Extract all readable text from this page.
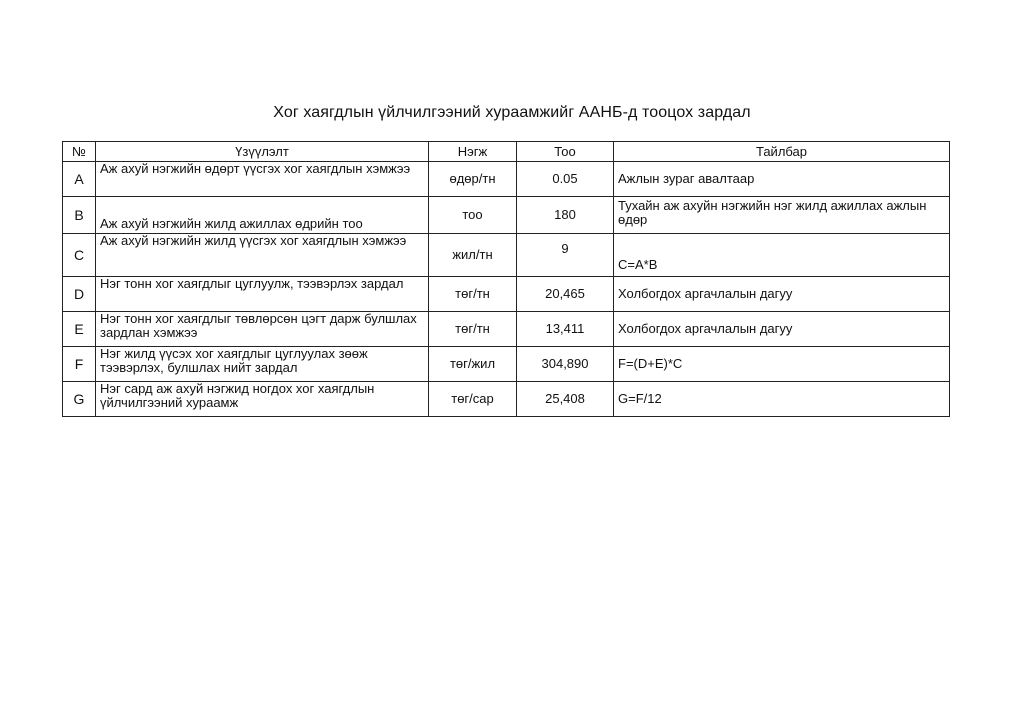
Хог хаягдлын үйлчилгээний хураамжийг ААНБ-д тооцох зардал
№	Үзүүлэлт	Нэгж	Тоо	Тайлбар
A	Аж ахуй нэгжийн өдөрт үүсгэх хог хаягдлын хэмжээ	өдөр/тн	0.05	Ажлын зураг авалтаар
B	Аж ахуй нэгжийн жилд ажиллах өдрийн тоо	тоо	180	Тухайн аж ахуйн нэгжийн нэг жилд ажиллах ажлын өдөр
C	Аж ахуй нэгжийн жилд үүсгэх хог хаягдлын хэмжээ	жил/тн	9	C=A*B
D	Нэг тонн хог хаягдлыг цуглуулж, тээвэрлэх зардал	төг/тн	20,465	Холбогдох аргачлалын дагуу
E	Нэг тонн хог хаягдлыг төвлөрсөн цэгт дарж булшлах зардлан хэмжээ	төг/тн	13,411	Холбогдох аргачлалын дагуу
F	Нэг жилд үүсэх хог хаягдлыг цуглуулах зөөж тээвэрлэх, булшлах нийт зардал	төг/жил	304,890	F=(D+E)*C
G	Нэг сард аж ахуй нэгжид ногдох хог хаягдлын үйлчилгээний хураамж	төг/сар	25,408	G=F/12
